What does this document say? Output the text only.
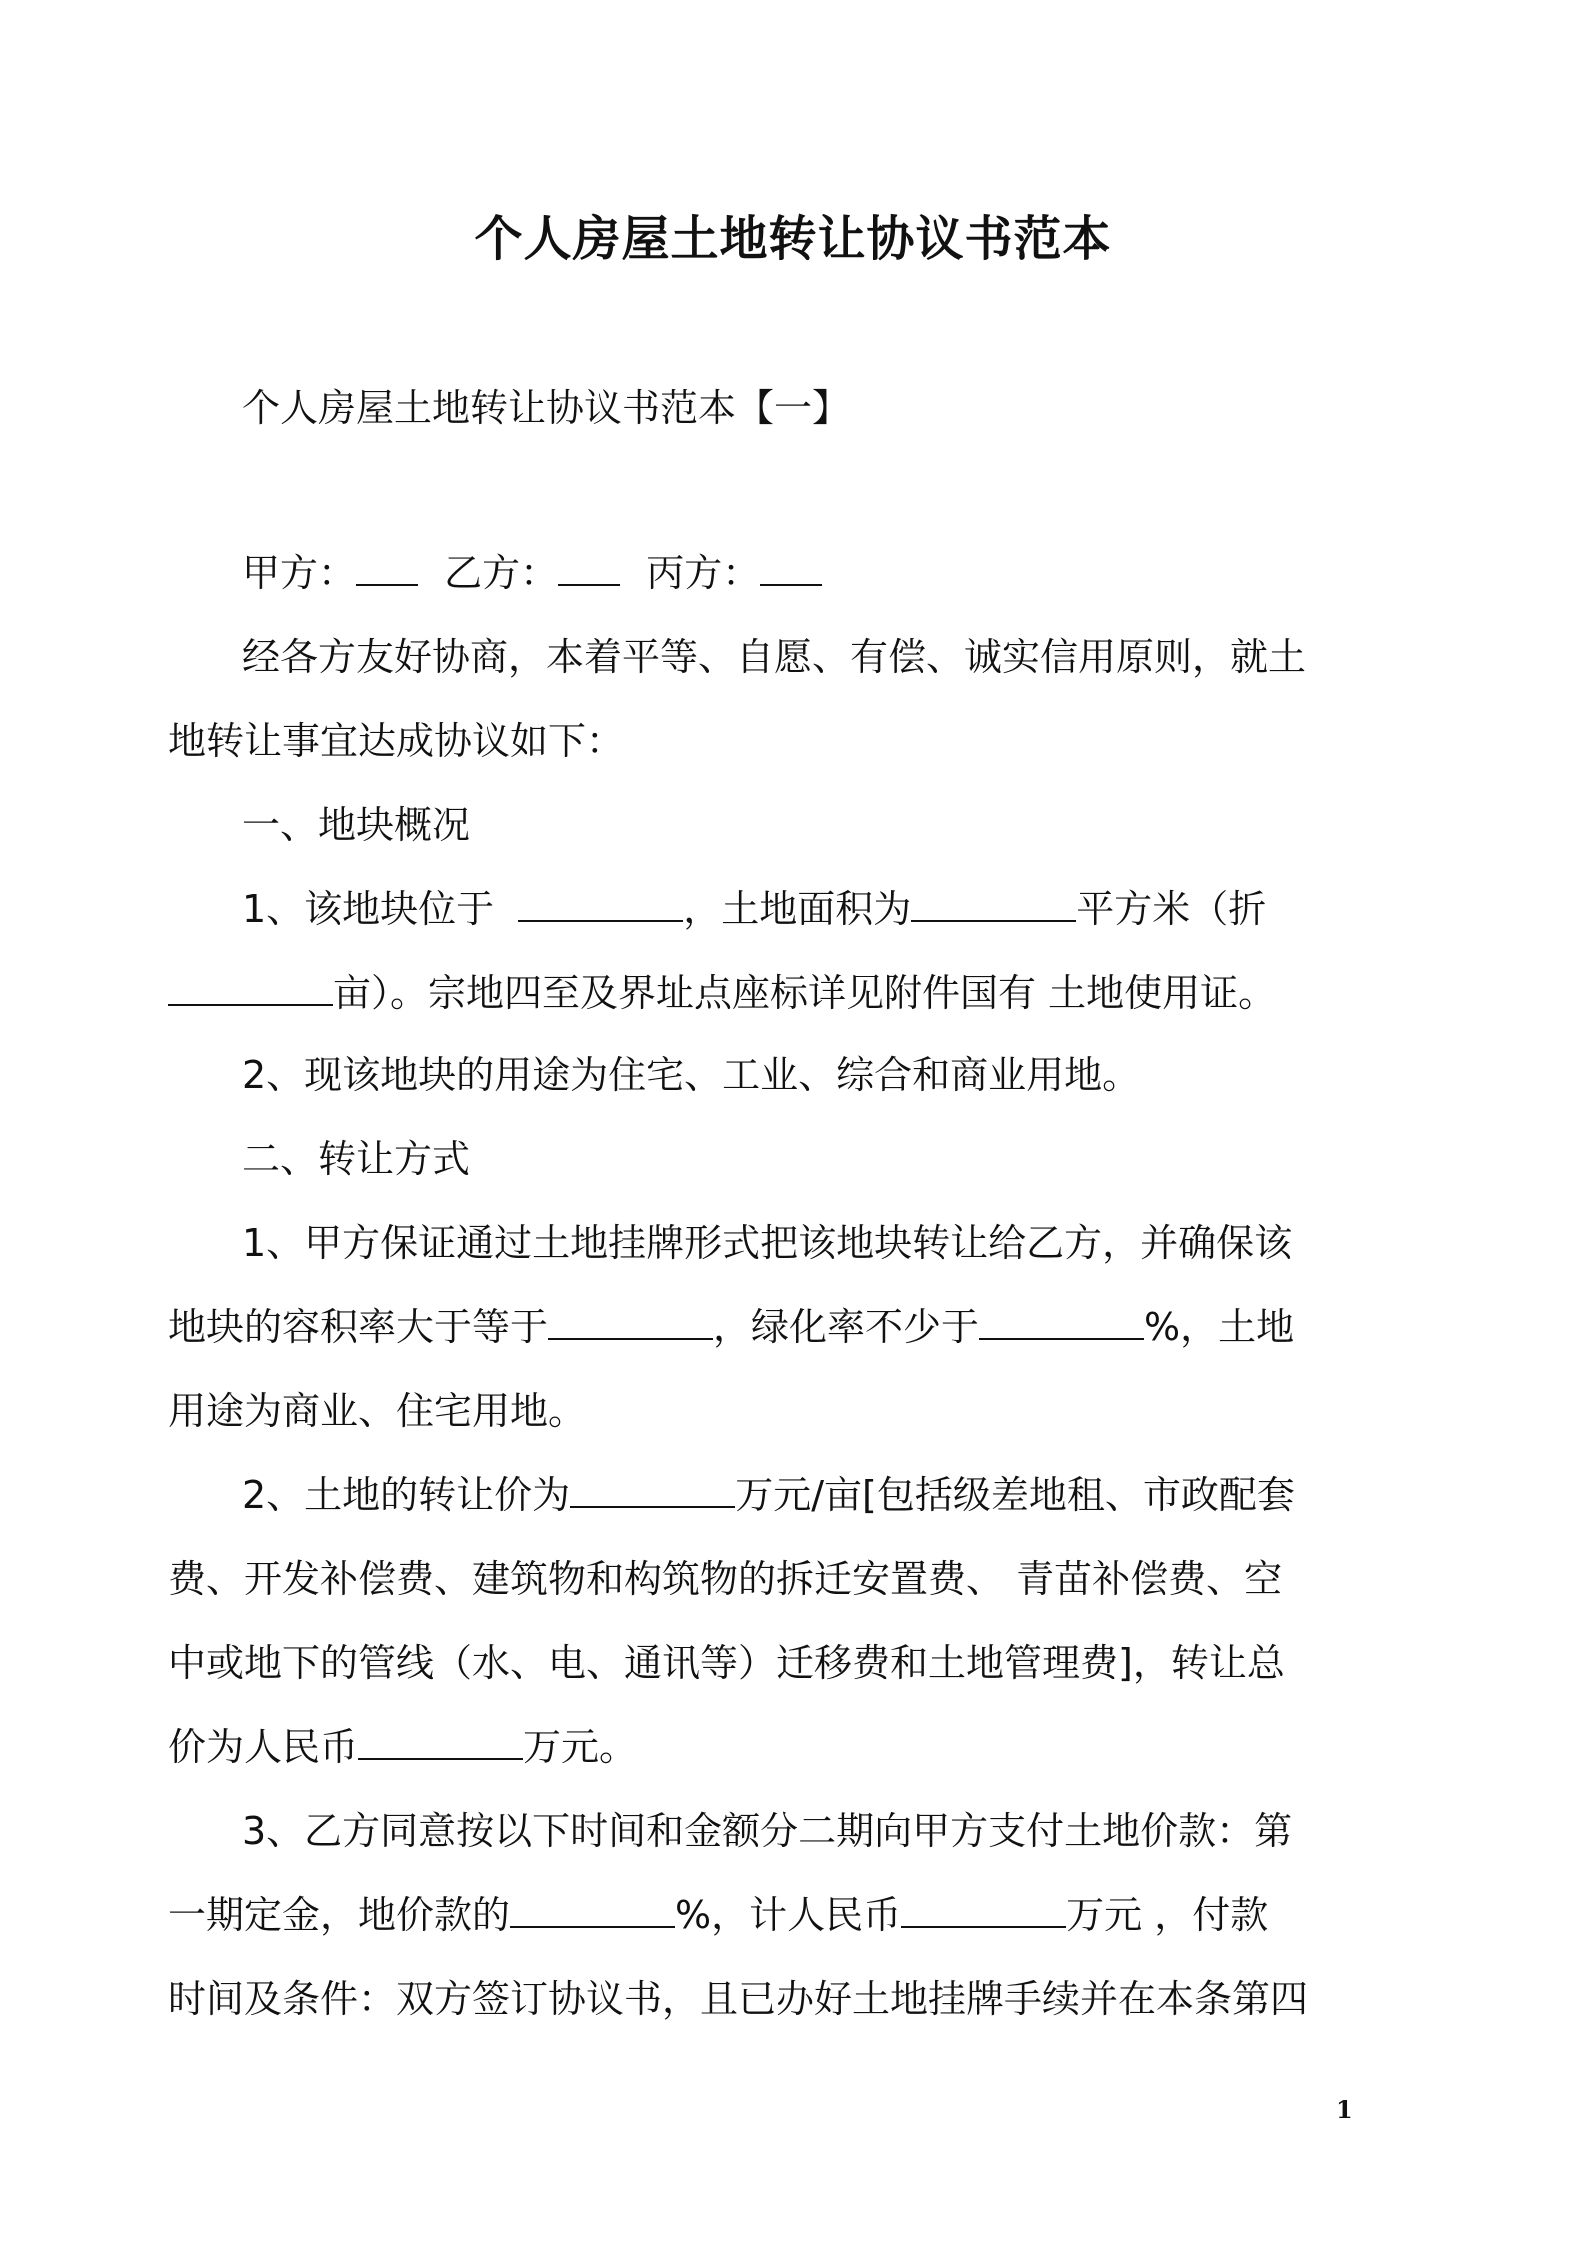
个人房屋土地转让协议书范本
个人房屋土地转让协议书范本【一】
甲方： 乙方： 丙方：
经各方友好协商，本着平等、自愿、有偿、诚实信用原则，就土
地转让事宜达成协议如下：
一、地块概况
1、该地块位于	，土地面积为	平方米（折
亩）。宗地四至及界址点座标详见附件国有 土地使用证。
2、现该地块的用途为住宅、工业、综合和商业用地。
二、转让方式
1、甲方保证通过土地挂牌形式把该地块转让给乙方，并确保该
地块的容积率大于等于	，绿化率不少于	%，土地
用途为商业、住宅用地。
2、土地的转让价为	万元/亩[包括级差地租、市政配套
费、开发补偿费、建筑物和构筑物的拆迁安置费、 青苗补偿费、空
中或地下的管线（水、电、通讯等）迁移费和土地管理费]，转让总
价为人民币	万元。
3、乙方同意按以下时间和金额分二期向甲方支付土地价款：第
一期定金，地价款的	%，计人民币	万元 ，付款
时间及条件：双方签订协议书，且已办好土地挂牌手续并在本条第四
1
